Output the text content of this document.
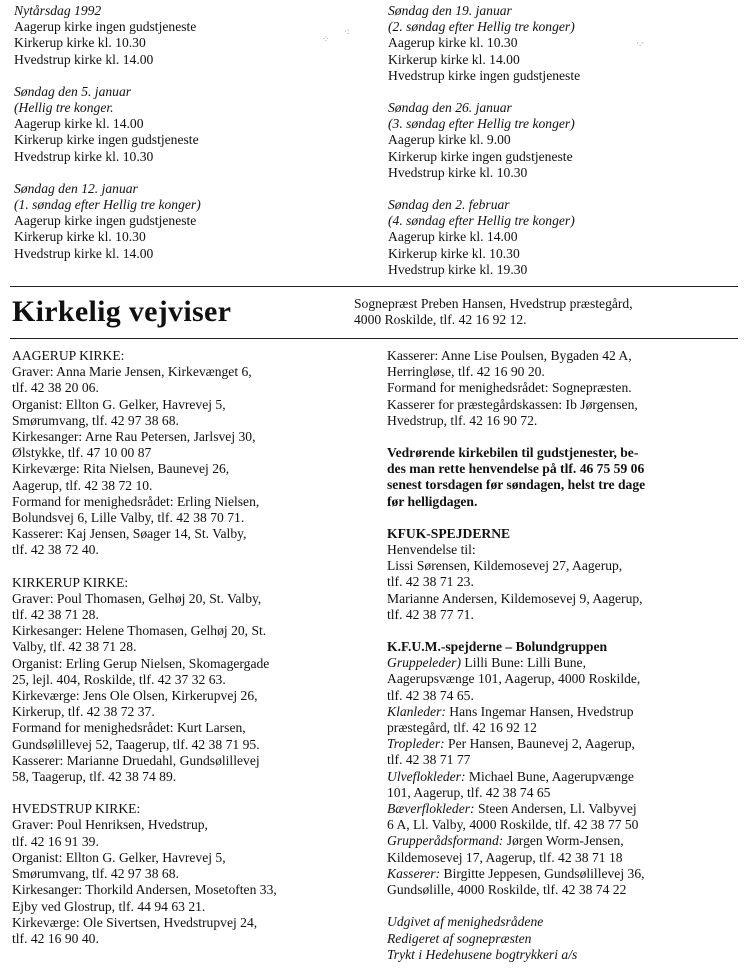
Nytårsdag 1992
Aagerup kirke ingen gudstjeneste
Kirkerup kirke kl. 10.30
Hvedstrup kirke kl. 14.00
Søndag den 5. januar
(Hellig tre konger.
Aagerup kirke kl. 14.00
Kirkerup kirke ingen gudstjeneste
Hvedstrup kirke kl. 10.30
Søndag den 12. januar
(1. søndag efter Hellig tre konger)
Aagerup kirke ingen gudstjeneste
Kirkerup kirke kl. 10.30
Hvedstrup kirke kl. 14.00
Søndag den 19. januar
(2. søndag efter Hellig tre konger)
Aagerup kirke kl. 10.30
Kirkerup kirke kl. 14.00
Hvedstrup kirke ingen gudstjeneste
Søndag den 26. januar
(3. søndag efter Hellig tre konger)
Aagerup kirke kl. 9.00
Kirkerup kirke ingen gudstjeneste
Hvedstrup kirke kl. 10.30
Søndag den 2. februar
(4. søndag efter Hellig tre konger)
Aagerup kirke kl. 14.00
Kirkerup kirke kl. 10.30
Hvedstrup kirke kl. 19.30
⁘
·:
·.·
Kirkelig vejviser	Sognepræst Preben Hansen, Hvedstrup præstegård,
4000 Roskilde, tlf. 42 16 92 12.
AAGERUP KIRKE:
Graver: Anna Marie Jensen, Kirkevænget 6,
tlf. 42 38 20 06.
Organist: Ellton G. Gelker, Havrevej 5,
Smørumvang, tlf. 42 97 38 68.
Kirkesanger: Arne Rau Petersen, Jarlsvej 30,
Ølstykke, tlf. 47 10 00 87
Kirkeværge: Rita Nielsen, Baunevej 26,
Aagerup, tlf. 42 38 72 10.
Formand for menighedsrådet: Erling Nielsen,
Bolundsvej 6, Lille Valby, tlf. 42 38 70 71.
Kasserer: Kaj Jensen, Søager 14, St. Valby,
tlf. 42 38 72 40.
KIRKERUP KIRKE:
Graver: Poul Thomasen, Gelhøj 20, St. Valby,
tlf. 42 38 71 28.
Kirkesanger: Helene Thomasen, Gelhøj 20, St.
Valby, tlf. 42 38 71 28.
Organist: Erling Gerup Nielsen, Skomagergade
25, lejl. 404, Roskilde, tlf. 42 37 32 63.
Kirkeværge: Jens Ole Olsen, Kirkerupvej 26,
Kirkerup, tlf. 42 38 72 37.
Formand for menighedsrådet: Kurt Larsen,
Gundsølillevej 52, Taagerup, tlf. 42 38 71 95.
Kasserer: Marianne Druedahl, Gundsølillevej
58, Taagerup, tlf. 42 38 74 89.
HVEDSTRUP KIRKE:
Graver: Poul Henriksen, Hvedstrup,
tlf. 42 16 91 39.
Organist: Ellton G. Gelker, Havrevej 5,
Smørumvang, tlf. 42 97 38 68.
Kirkesanger: Thorkild Andersen, Mosetoften 33,
Ejby ved Glostrup, tlf. 44 94 63 21.
Kirkeværge: Ole Sivertsen, Hvedstrupvej 24,
tlf. 42 16 90 40.
Kasserer: Anne Lise Poulsen, Bygaden 42 A,
Herringløse, tlf. 42 16 90 20.
Formand for menighedsrådet: Sognepræsten.
Kasserer for præstegårdskassen: Ib Jørgensen,
Hvedstrup, tlf. 42 16 90 72.
Vedrørende kirkebilen til gudstjenester, be-
des man rette henvendelse på tlf. 46 75 59 06
senest torsdagen før søndagen, helst tre dage
før helligdagen.
KFUK-SPEJDERNE
Henvendelse til:
Lissi Sørensen, Kildemosevej 27, Aagerup,
tlf. 42 38 71 23.
Marianne Andersen, Kildemosevej 9, Aagerup,
tlf. 42 38 77 71.
K.F.U.M.-spejderne – Bolundgruppen
Gruppeleder) Lilli Bune: Lilli Bune,
Aagerupsvænge 101, Aagerup, 4000 Roskilde,
tlf. 42 38 74 65.
Klanleder: Hans Ingemar Hansen, Hvedstrup
præstegård, tlf. 42 16 92 12
Tropleder: Per Hansen, Baunevej 2, Aagerup,
tlf. 42 38 71 77
Ulveflokleder: Michael Bune, Aagerupvænge
101, Aagerup, tlf. 42 38 74 65
Bæverflokleder: Steen Andersen, Ll. Valbyvej
6 A, Ll. Valby, 4000 Roskilde, tlf. 42 38 77 50
Grupperådsformand: Jørgen Worm-Jensen,
Kildemosevej 17, Aagerup, tlf. 42 38 71 18
Kasserer: Birgitte Jeppesen, Gundsølillevej 36,
Gundsølille, 4000 Roskilde, tlf. 42 38 74 22
Udgivet af menighedsrådene
Redigeret af sognepræsten
Trykt i Hedehusene bogtrykkeri a/s
